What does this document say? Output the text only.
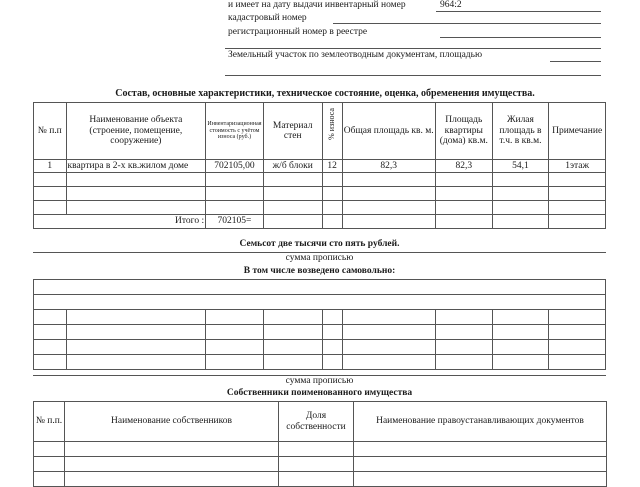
и имеет на дату выдачи инвентарный номер	964:2
кадастровый номер
регистрационный номер в реестре
Земельный участок по землеотводным документам, площадью
Состав, основные характеристики, техническое состояние, оценка, обременения имущества.
№ п.п	Наименование объекта (строение, помещение, сооружение)	Инвентаризационная стоимость с учётом износа (руб.)	Материал стен	% износа	Общая площадь кв. м.	Площадь квартиры (дома) кв.м.	Жилая площадь в т.ч. в кв.м.	Примечание
1	квартира в 2-х кв.жилом доме	702105,00	ж/б блоки	12	82,3	82,3	54,1	1этаж

	Итого :	702105=						
Семьсот две тысячи сто пять рублей.
сумма прописью
В том числе возведено самовольно:

сумма прописью
Собственники поименованного имущества
№ п.п.	Наименование собственников	Доля собственности	Наименование правоустанавливающих документов
